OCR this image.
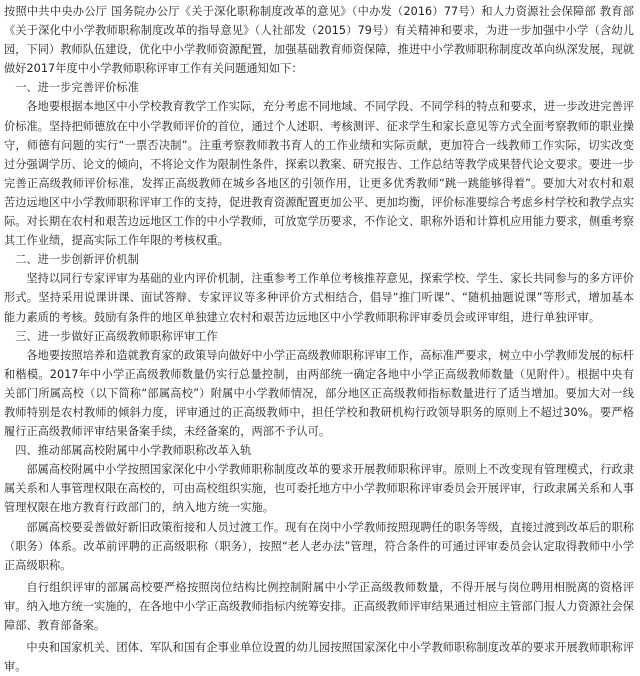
按照中共中央办公厅 国务院办公厅《关于深化职称制度改革的意见》（中办发（2016）77号）和人力资源社会保障部 教育部《关于深化中小学教师职称制度改革的指导意见》（人社部发（2015）79号）有关精神和要求，为进一步加强中小学（含幼儿园，下同）教师队伍建设，优化中小学教师资源配置，加强基础教育师资保障，推进中小学教师职称制度改革向纵深发展，现就做好2017年度中小学教师职称评审工作有关问题通知如下：

一、进一步完善评价标准

各地要根据本地区中小学校教育教学工作实际，充分考虑不同地域、不同学段、不同学科的特点和要求，进一步改进完善评价标准。坚持把师德放在中小学教师评价的首位，通过个人述职、考核测评、征求学生和家长意见等方式全面考察教师的职业操守，师德有问题的实行“一票否决制”。注重考察教师教书育人的工作业绩和实际贡献，更加符合一线教师工作实际，切实改变过分强调学历、论文的倾向，不将论文作为限制性条件，探索以教案、研究报告、工作总结等教学成果替代论文要求。要进一步完善正高级教师评价标准，发挥正高级教师在城乡各地区的引领作用，让更多优秀教师“跳一跳能够得着”。要加大对农村和艰苦边远地区中小学教师职称评审工作的支持，促进教育资源配置更加公平、更加均衡，评价标准要综合考虑乡村学校和教学点实际。对长期在农村和艰苦边远地区工作的中小学教师，可放宽学历要求，不作论文、职称外语和计算机应用能力要求，侧重考察其工作业绩，提高实际工作年限的考核权重。

二、进一步创新评价机制

坚持以同行专家评审为基础的业内评价机制，注重参考工作单位考核推荐意见，探索学校、学生、家长共同参与的多方评价形式。坚持采用说课讲课、面试答辩、专家评议等多种评价方式相结合，倡导“推门听课”、“随机抽题说课”等形式，增加基本能力素质的考核。鼓励有条件的地区单独建立农村和艰苦边远地区中小学教师职称评审委员会或评审组，进行单独评审。

三、进一步做好正高级教师职称评审工作

各地要按照培养和造就教育家的政策导向做好中小学正高级教师职称评审工作，高标准严要求，树立中小学教师发展的标杆和楷模。2017年中小学正高级教师数量仍实行总量控制，由两部统一确定各地中小学正高级教师数量（见附件）。根据中央有关部门所属高校（以下简称“部属高校”）附属中小学教师情况，部分地区正高级教师指标数量进行了适当增加。要加大对一线教师特别是农村教师的倾斜力度，评审通过的正高级教师中，担任学校和教研机构行政领导职务的原则上不超过30%。要严格履行正高级教师评审结果备案手续，未经备案的，两部不予认可。

四、推动部属高校附属中小学教师职称改革入轨

部属高校附属中小学按照国家深化中小学教师职称制度改革的要求开展教师职称评审。原则上不改变现有管理模式，行政隶属关系和人事管理权限在高校的，可由高校组织实施，也可委托地方中小学教师职称评审委员会开展评审，行政隶属关系和人事管理权限在地方教育行政部门的，纳入地方统一实施。

部属高校要妥善做好新旧政策衔接和人员过渡工作。现有在岗中小学教师按照现聘任的职务等级，直接过渡到改革后的职称（职务）体系。改革前评聘的正高级职称（职务），按照“老人老办法”管理，符合条件的可通过评审委员会认定取得教师中小学正高级职称。

自行组织评审的部属高校要严格按照岗位结构比例控制附属中小学正高级教师数量，不得开展与岗位聘用相脱离的资格评审。纳入地方统一实施的，在各地中小学正高级教师指标内统筹安排。正高级教师评审结果通过相应主管部门报人力资源社会保障部、教育部备案。

中央和国家机关、团体、军队和国有企事业单位设置的幼儿园按照国家深化中小学教师职称制度改革的要求开展教师职称评审。
